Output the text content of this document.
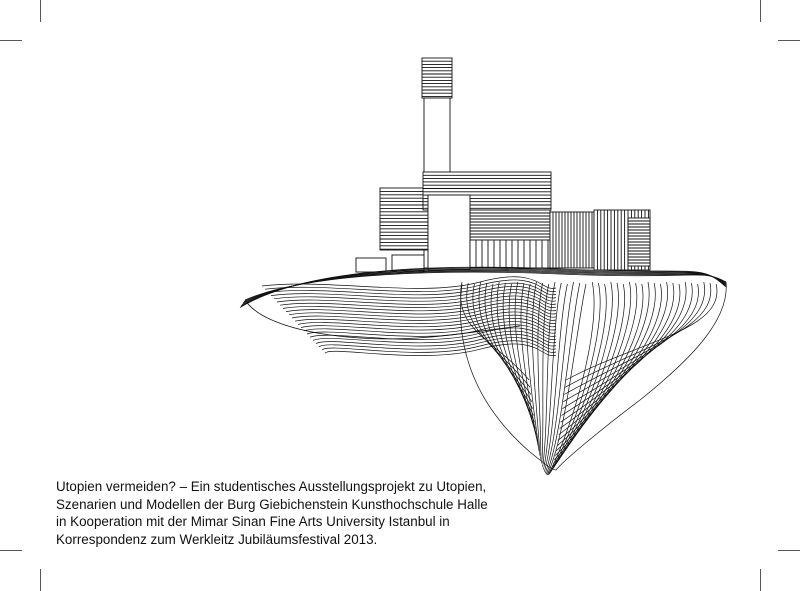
Utopien vermeiden? – Ein studentisches Ausstellungsprojekt zu Utopien,
Szenarien und Modellen der Burg Giebichenstein Kunsthochschule Halle
in Kooperation mit der Mimar Sinan Fine Arts University Istanbul in
Korrespondenz zum Werkleitz Jubiläumsfestival 2013.
